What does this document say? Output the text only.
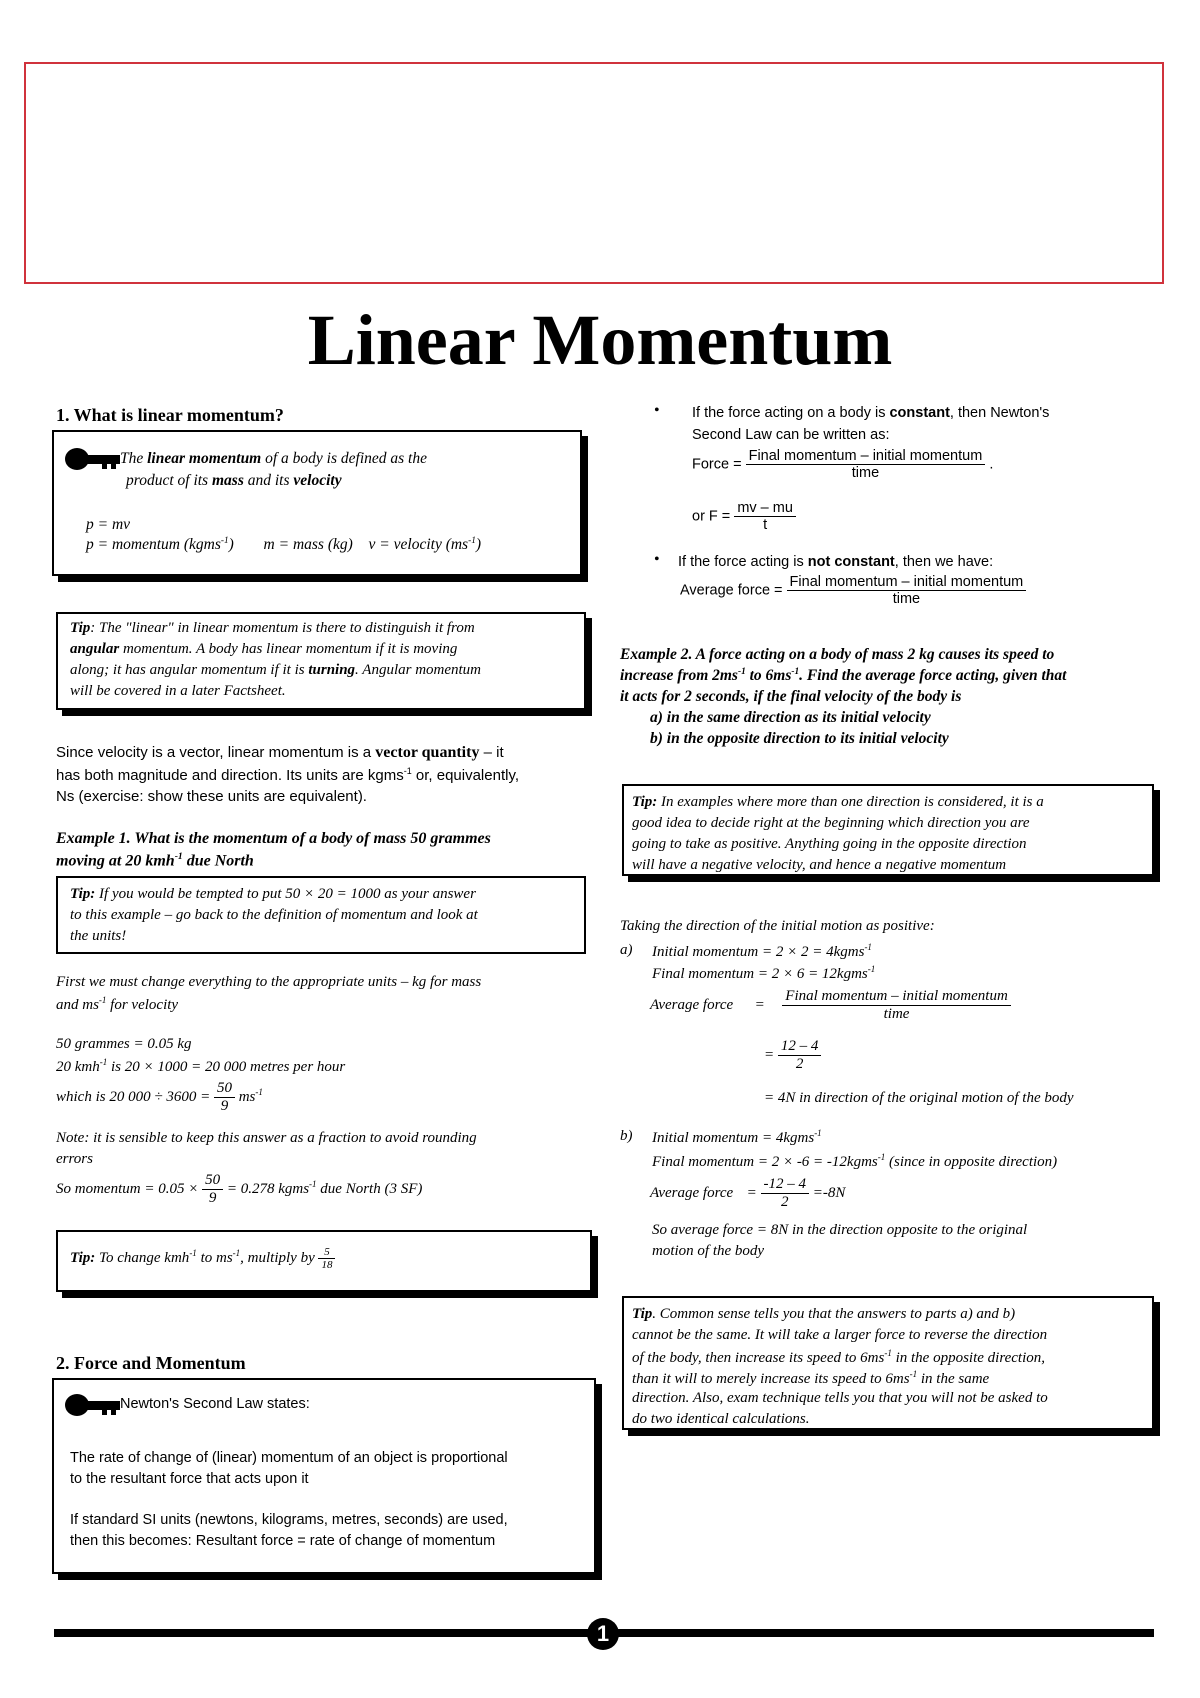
Linear Momentum
1. What is linear momentum?
The linear momentum of a body is defined as the
product of its mass and its velocity
p = mv
p = momentum (kgms$^{-1}$) m = mass (kg) v = velocity $(ms^{-1})$
Tip: The "linear" in linear momentum is there to distinguish it from
angular momentum. A body has linear momentum if it is moving
along; it has angular momentum if it is turning. Angular momentum
will be covered in a later Factsheet.
Since velocity is a vector, linear momentum is a vector quantity – it
has both magnitude and direction. Its units are kgms$^{-1}$ or, equivalently,
Ns (exercise: show these units are equivalent).
Example 1. What is the momentum of a body of mass 50 grammes
moving at 20 kmh$^{-1}$ due North
Tip: If you would be tempted to put 50 × 20 = 1000 as your answer
to this example – go back to the definition of momentum and look at
the units!
First we must change everything to the appropriate units – kg for mass
and $ms^{-1}$ for velocity
50 grammes = 0.05 kg
20 kmh$^{-1}$ is 20 × 1000 = 20 000 metres per hour
which is 20 $000 \div 3600 = \frac{50}{9} ms^{-1}$
Note: it is sensible to keep this answer as a fraction to avoid rounding
errors
So momentum = $0.05 \times \frac{50}{9} = 0.278$ kgms$^{-1}$ due North (3 SF)
Tip: To change kmh$^{-1}$ to $ms^{-1}$, multiply by $\frac{5}{18}$
2. Force and Momentum
Newton's Second Law states:
The rate of change of (linear) momentum of an object is proportional
to the resultant force that acts upon it
If standard SI units (newtons, kilograms, metres, seconds) are used,
then this becomes: Resultant force = rate of change of momentum
• If the force acting on a body is constant, then Newton's
Second Law can be written as:
Force = $\frac{\text{Final momentum – initial momentum}}{\text{time}}$ .
or $F = \frac{mv - mu}{t}$
• If the force acting is not constant, then we have:
Average force = $\frac{\text{Final momentum – initial momentum}}{\text{time}}$
Example 2. A force acting on a body of mass 2 kg causes its speed to
increase from $2ms^{-1}$ to $6ms^{-1}$. Find the average force acting, given that
it acts for 2 seconds, if the final velocity of the body is
a) in the same direction as its initial velocity
b) in the opposite direction to its initial velocity
Tip: In examples where more than one direction is considered, it is a
good idea to decide right at the beginning which direction you are
going to take as positive. Anything going in the opposite direction
will have a negative velocity, and hence a negative momentum
Taking the direction of the initial motion as positive:
a) Initial momentum = 2 × 2 = 4kgms$^{-1}$
Final momentum = 2 × 6 = 12kgms$^{-1}$
Average force = $\frac{\text{Final momentum – initial momentum}}{\text{time}}$
= $\frac{12 - 4}{2}$
= 4N in direction of the original motion of the body
b) Initial momentum = 4kgms$^{-1}$
Final momentum = 2 × -6 = -12kgms$^{-1}$ (since in opposite direction)
Average force = $\frac{-12 - 4}{2} =-8N$
So average force = 8N in the direction opposite to the original
motion of the body
Tip. Common sense tells you that the answers to parts a) and b)
cannot be the same. It will take a larger force to reverse the direction
of the body, then increase its speed to $6ms^{-1}$ in the opposite direction,
than it will to merely increase its speed to $6ms^{-1}$ in the same
direction. Also, exam technique tells you that you will not be asked to
do two identical calculations.
1
